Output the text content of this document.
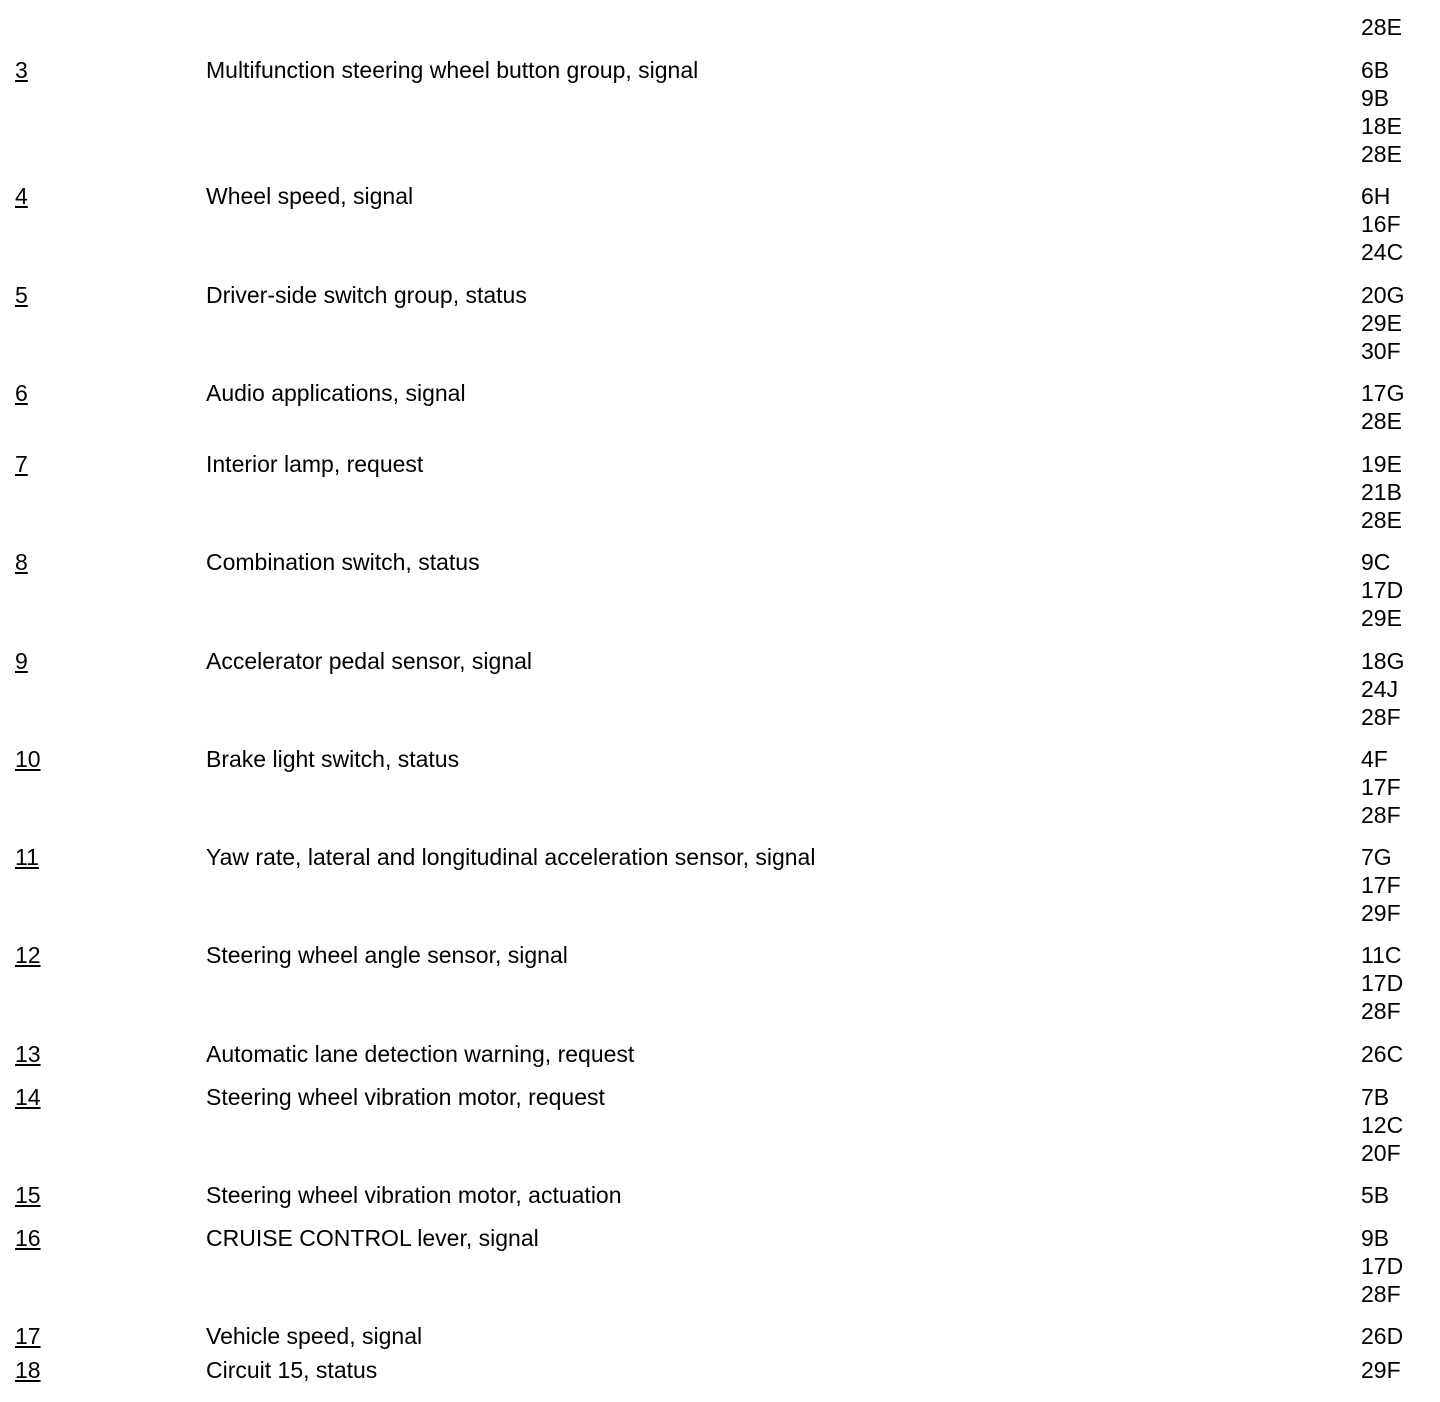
28E
3	Multifunction steering wheel button group, signal	6B
9B
18E
28E
4	Wheel speed, signal	6H
16F
24C
5	Driver-side switch group, status	20G
29E
30F
6	Audio applications, signal	17G
28E
7	Interior lamp, request	19E
21B
28E
8	Combination switch, status	9C
17D
29E
9	Accelerator pedal sensor, signal	18G
24J
28F
10	Brake light switch, status	4F
17F
28F
11	Yaw rate, lateral and longitudinal acceleration sensor, signal	7G
17F
29F
12	Steering wheel angle sensor, signal	11C
17D
28F
13	Automatic lane detection warning, request	26C
14	Steering wheel vibration motor, request	7B
12C
20F
15	Steering wheel vibration motor, actuation	5B
16	CRUISE CONTROL lever, signal	9B
17D
28F
17	Vehicle speed, signal	26D
18	Circuit 15, status	29F
